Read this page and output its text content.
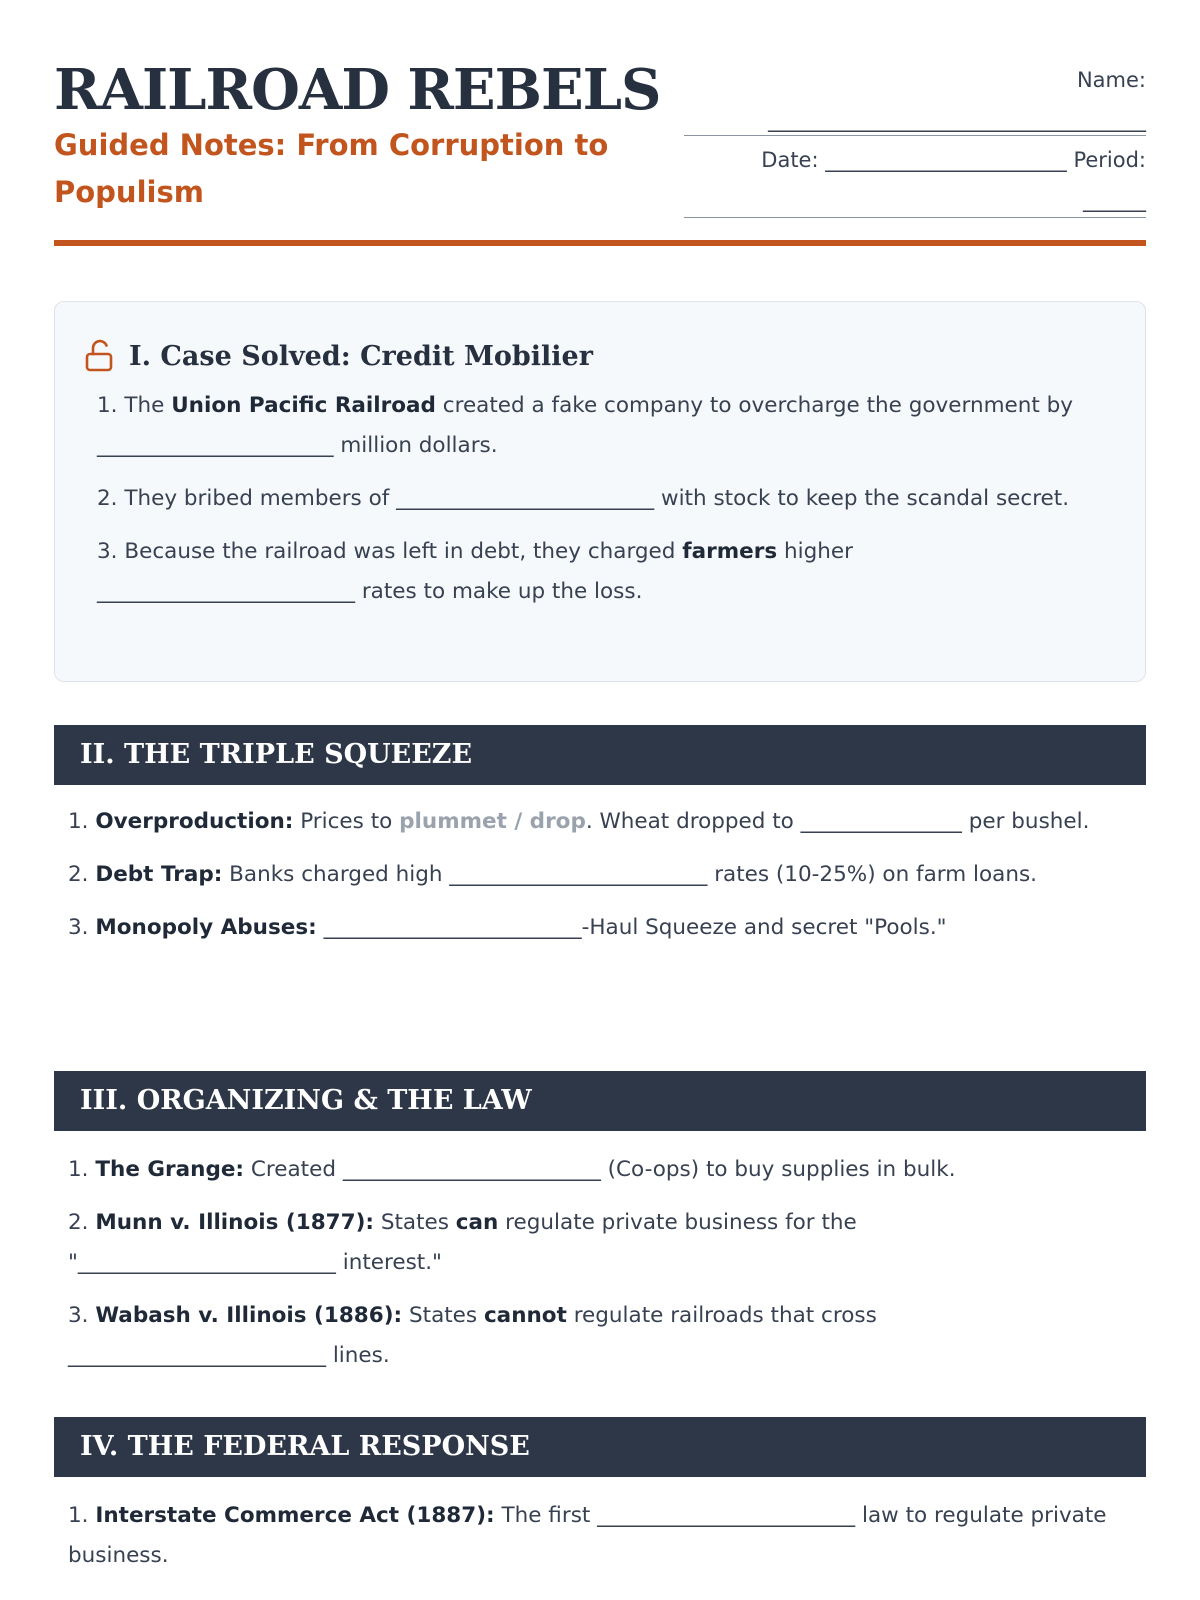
RAILROAD REBELS
Guided Notes: From Corruption to Populism
Name:
____________________________________
Date: _______________________ Period:
______
I. Case Solved: Credit Mobilier
1. The Union Pacific Railroad created a fake company to overcharge the government by ______________________ million dollars.
2. They bribed members of ________________________ with stock to keep the scandal secret.
3. Because the railroad was left in debt, they charged farmers higher ________________________ rates to make up the loss.
II. THE TRIPLE SQUEEZE
1. Overproduction: Prices to plummet / drop. Wheat dropped to _______________ per bushel.
2. Debt Trap: Banks charged high ________________________ rates (10-25%) on farm loans.
3. Monopoly Abuses: ________________________-Haul Squeeze and secret "Pools."
III. ORGANIZING & THE LAW
1. The Grange: Created ________________________ (Co-ops) to buy supplies in bulk.
2. Munn v. Illinois (1877): States can regulate private business for the "________________________ interest."
3. Wabash v. Illinois (1886): States cannot regulate railroads that cross ________________________ lines.
IV. THE FEDERAL RESPONSE
1. Interstate Commerce Act (1887): The first ________________________ law to regulate private business.
